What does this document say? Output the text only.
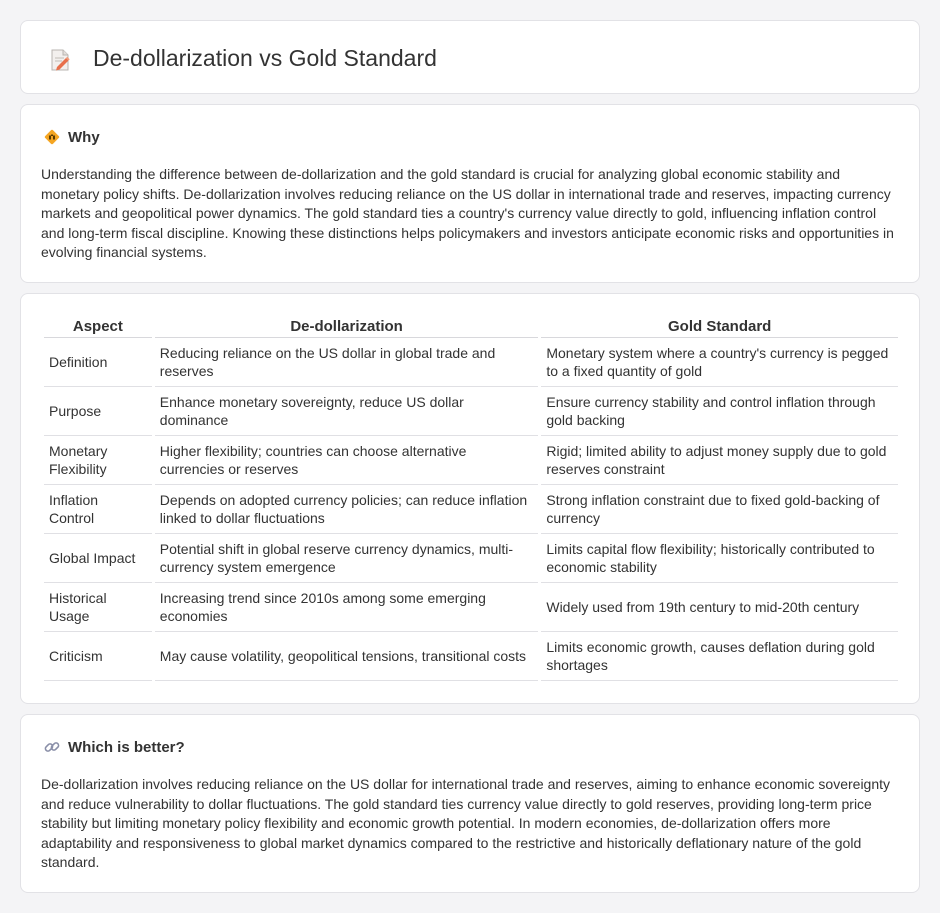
De-dollarization vs Gold Standard
Why

Understanding the difference between de-dollarization and the gold standard is crucial for analyzing global economic stability and monetary policy shifts. De-dollarization involves reducing reliance on the US dollar in international trade and reserves, impacting currency markets and geopolitical power dynamics. The gold standard ties a country's currency value directly to gold, influencing inflation control and long-term fiscal discipline. Knowing these distinctions helps policymakers and investors anticipate economic risks and opportunities in evolving financial systems.

Aspect	De-dollarization	Gold Standard
Definition	Reducing reliance on the US dollar in global trade and reserves	Monetary system where a country's currency is pegged to a fixed quantity of gold
Purpose	Enhance monetary sovereignty, reduce US dollar dominance	Ensure currency stability and control inflation through gold backing
Monetary Flexibility	Higher flexibility; countries can choose alternative currencies or reserves	Rigid; limited ability to adjust money supply due to gold reserves constraint
Inflation Control	Depends on adopted currency policies; can reduce inflation linked to dollar fluctuations	Strong inflation constraint due to fixed gold-backing of currency
Global Impact	Potential shift in global reserve currency dynamics, multi-currency system emergence	Limits capital flow flexibility; historically contributed to economic stability
Historical Usage	Increasing trend since 2010s among some emerging economies	Widely used from 19th century to mid-20th century
Criticism	May cause volatility, geopolitical tensions, transitional costs	Limits economic growth, causes deflation during gold shortages
Which is better?

De-dollarization involves reducing reliance on the US dollar for international trade and reserves, aiming to enhance economic sovereignty and reduce vulnerability to dollar fluctuations. The gold standard ties currency value directly to gold reserves, providing long-term price stability but limiting monetary policy flexibility and economic growth potential. In modern economies, de-dollarization offers more adaptability and responsiveness to global market dynamics compared to the restrictive and historically deflationary nature of the gold standard.
